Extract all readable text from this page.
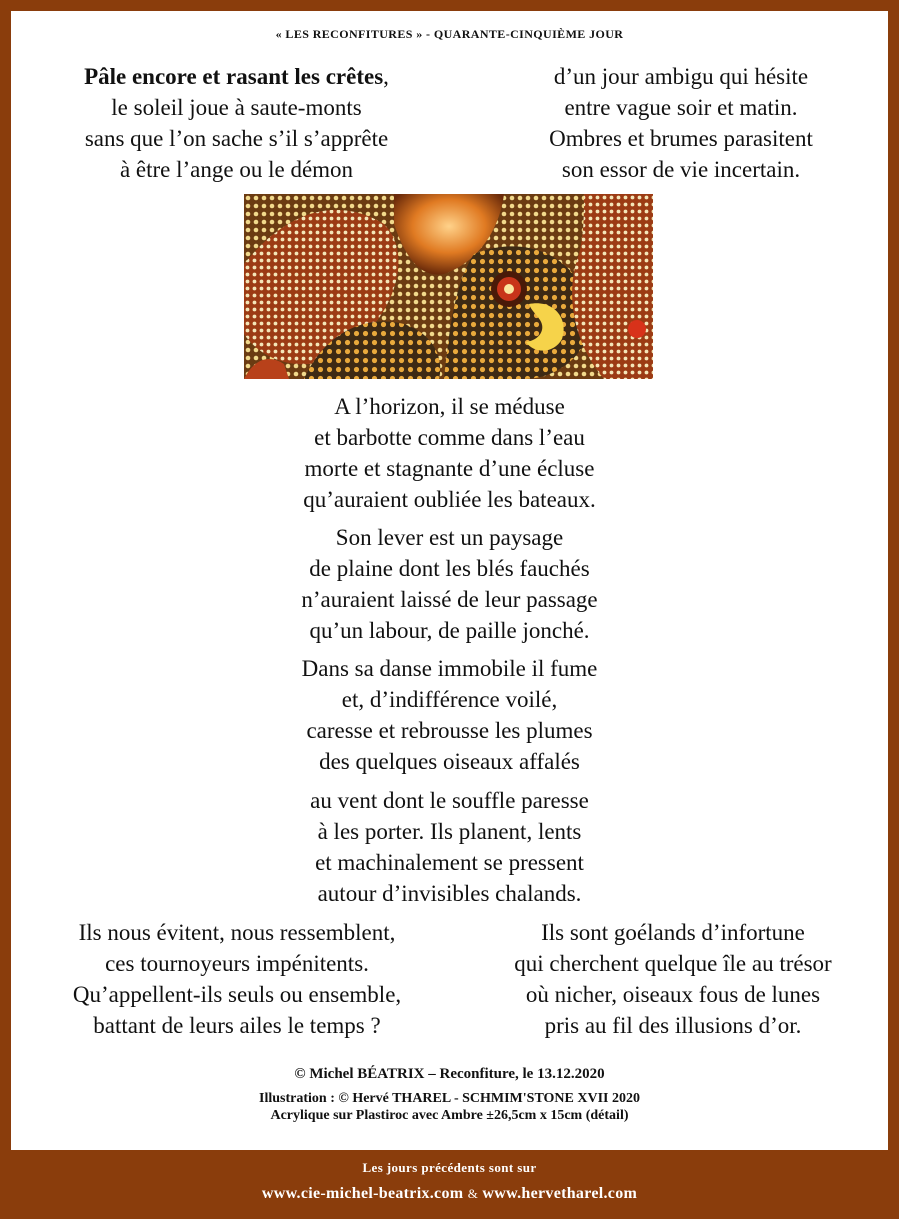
« LES RECONFITURES » - QUARANTE-CINQUIÈME JOUR
Pâle encore et rasant les crêtes,
le soleil joue à saute-monts
sans que l’on sache s’il s’apprête
à être l’ange ou le démon
d’un jour ambigu qui hésite
entre vague soir et matin.
Ombres et brumes parasitent
son essor de vie incertain.
A l’horizon, il se méduse
et barbotte comme dans l’eau
morte et stagnante d’une écluse
qu’auraient oubliée les bateaux.
Son lever est un paysage
de plaine dont les blés fauchés
n’auraient laissé de leur passage
qu’un labour, de paille jonché.
Dans sa danse immobile il fume
et, d’indifférence voilé,
caresse et rebrousse les plumes
des quelques oiseaux affalés
au vent dont le souffle paresse
à les porter. Ils planent, lents
et machinalement se pressent
autour d’invisibles chalands.
Ils nous évitent, nous ressemblent,
ces tournoyeurs impénitents.
Qu’appellent-ils seuls ou ensemble,
battant de leurs ailes le temps ?
Ils sont goélands d’infortune
qui cherchent quelque île au trésor
où nicher, oiseaux fous de lunes
pris au fil des illusions d’or.
© Michel BÉATRIX – Reconfiture, le 13.12.2020
Illustration : © Hervé THAREL - SCHMIM'STONE XVII 2020
Acrylique sur Plastiroc avec Ambre ±26,5cm x 15cm (détail)
Les jours précédents sont sur
www.cie-michel-beatrix.com & www.hervetharel.com
